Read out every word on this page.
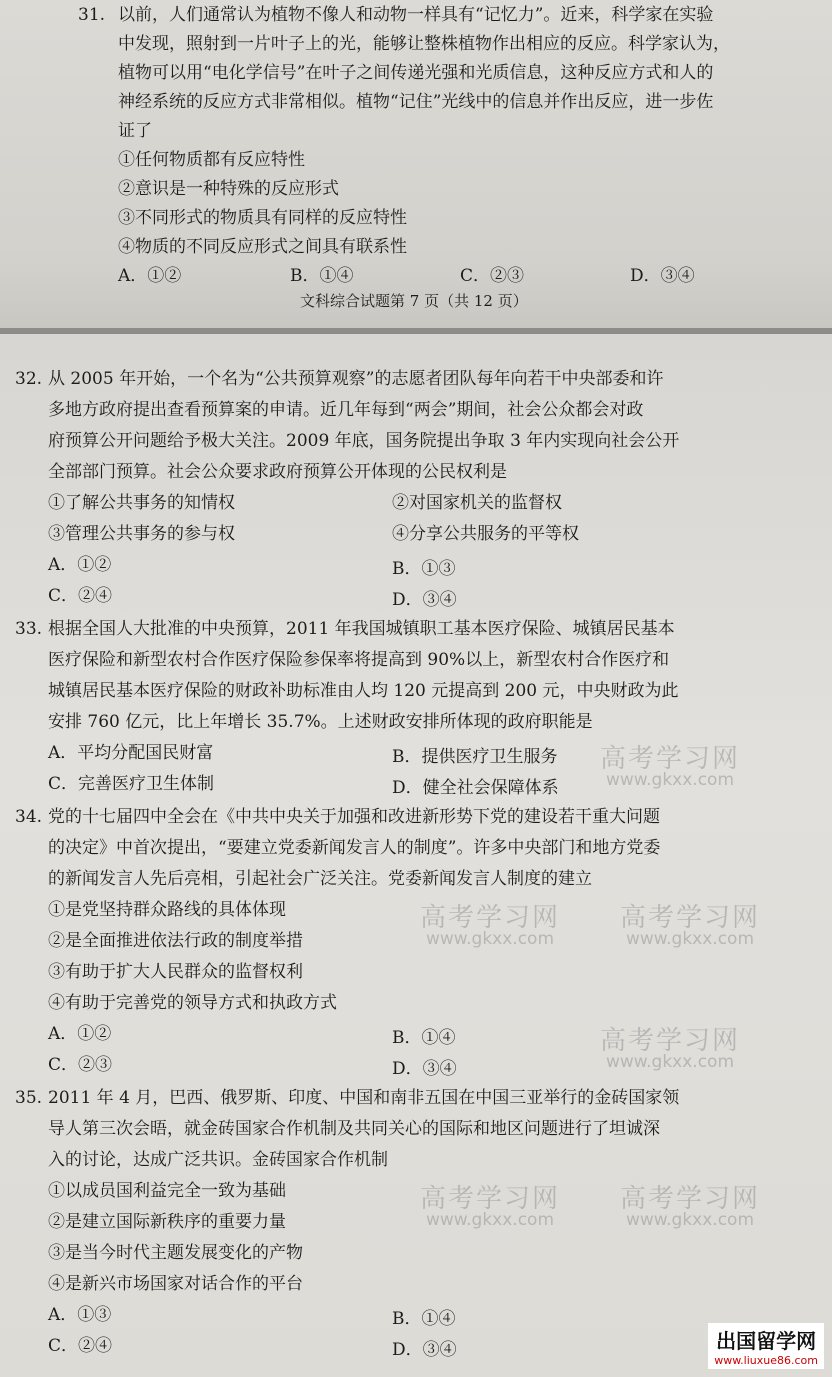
31. 以前，人们通常认为植物不像人和动物一样具有“记忆力”。近来，科学家在实验
中发现，照射到一片叶子上的光，能够让整株植物作出相应的反应。科学家认为，
植物可以用“电化学信号”在叶子之间传递光强和光质信息，这种反应方式和人的
神经系统的反应方式非常相似。植物“记住”光线中的信息并作出反应，进一步佐
证了
①任何物质都有反应特性
②意识是一种特殊的反应形式
③不同形式的物质具有同样的反应特性
④物质的不同反应形式之间具有联系性
A．①②	B．①④	C．②③	D．③④
文科综合试题第 7 页（共 12 页）
32. 从 2005 年开始，一个名为“公共预算观察”的志愿者团队每年向若干中央部委和许
多地方政府提出查看预算案的申请。近几年每到“两会”期间，社会公众都会对政
府预算公开问题给予极大关注。2009 年底，国务院提出争取 3 年内实现向社会公开
全部部门预算。社会公众要求政府预算公开体现的公民权利是
①了解公共事务的知情权	②对国家机关的监督权
③管理公共事务的参与权	④分享公共服务的平等权
A．①②	B．①③
C．②④	D．③④
33. 根据全国人大批准的中央预算，2011 年我国城镇职工基本医疗保险、城镇居民基本
医疗保险和新型农村合作医疗保险参保率将提高到 90%以上，新型农村合作医疗和
城镇居民基本医疗保险的财政补助标准由人均 120 元提高到 200 元，中央财政为此
安排 760 亿元，比上年增长 35.7%。上述财政安排所体现的政府职能是
A．平均分配国民财富	B．提供医疗卫生服务
C．完善医疗卫生体制	D．健全社会保障体系
34. 党的十七届四中全会在《中共中央关于加强和改进新形势下党的建设若干重大问题
的决定》中首次提出，“要建立党委新闻发言人的制度”。许多中央部门和地方党委
的新闻发言人先后亮相，引起社会广泛关注。党委新闻发言人制度的建立
①是党坚持群众路线的具体体现
②是全面推进依法行政的制度举措
③有助于扩大人民群众的监督权利
④有助于完善党的领导方式和执政方式
A．①②	B．①④
C．②③	D．③④
35. 2011 年 4 月，巴西、俄罗斯、印度、中国和南非五国在中国三亚举行的金砖国家领
导人第三次会晤，就金砖国家合作机制及共同关心的国际和地区问题进行了坦诚深
入的讨论，达成广泛共识。金砖国家合作机制
①以成员国利益完全一致为基础
②是建立国际新秩序的重要力量
③是当今时代主题发展变化的产物
④是新兴市场国家对话合作的平台
A．①③	B．①④
C．②④	D．③④	出国留学网
www.liuxue86.com
高考学习网
www.gkxx.com
高考学习网
www.gkxx.com
高考学习网
www.gkxx.com
高考学习网
www.gkxx.com
高考学习网
www.gkxx.com
高考学习网
www.gkxx.com
